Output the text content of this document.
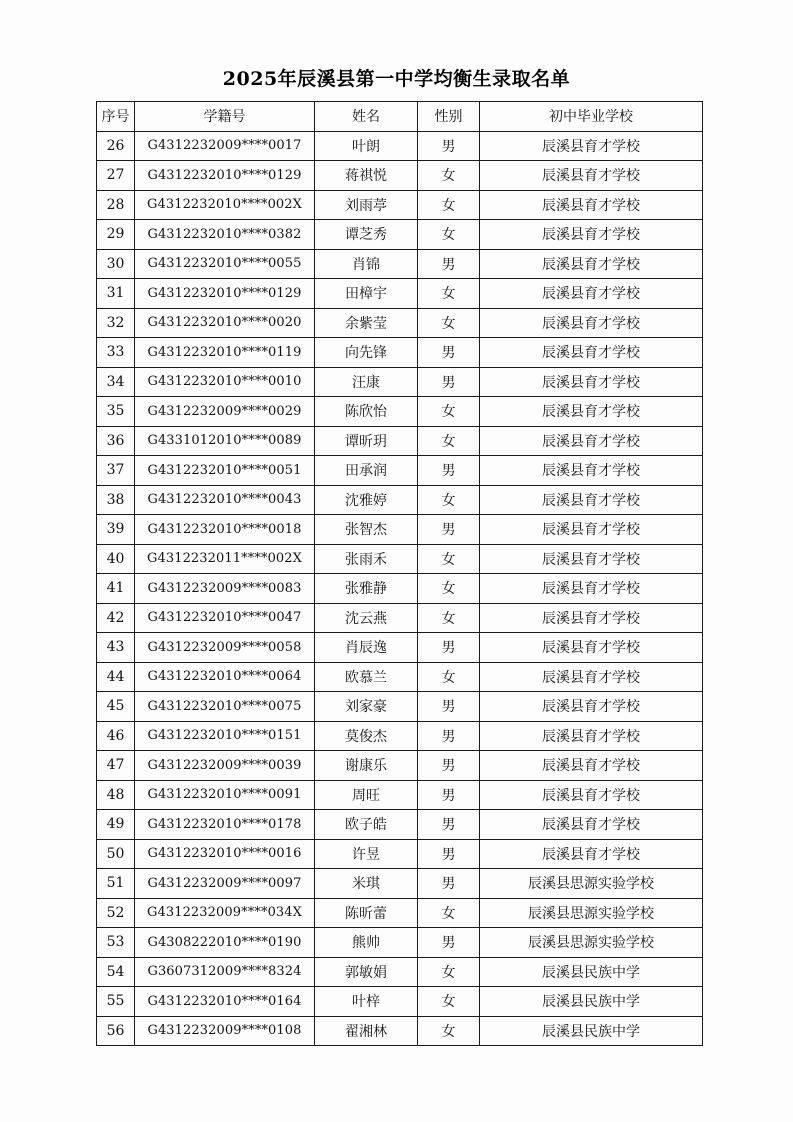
2025年辰溪县第一中学均衡生录取名单
序号	学籍号	姓名	性别	初中毕业学校
26	G4312232009****0017	叶朗	男	辰溪县育才学校
27	G4312232010****0129	蒋祺悦	女	辰溪县育才学校
28	G4312232010****002X	刘雨葶	女	辰溪县育才学校
29	G4312232010****0382	谭芝秀	女	辰溪县育才学校
30	G4312232010****0055	肖锦	男	辰溪县育才学校
31	G4312232010****0129	田樟宇	女	辰溪县育才学校
32	G4312232010****0020	余紫莹	女	辰溪县育才学校
33	G4312232010****0119	向先锋	男	辰溪县育才学校
34	G4312232010****0010	汪康	男	辰溪县育才学校
35	G4312232009****0029	陈欣怡	女	辰溪县育才学校
36	G4331012010****0089	谭昕玥	女	辰溪县育才学校
37	G4312232010****0051	田承润	男	辰溪县育才学校
38	G4312232010****0043	沈雅婷	女	辰溪县育才学校
39	G4312232010****0018	张智杰	男	辰溪县育才学校
40	G4312232011****002X	张雨禾	女	辰溪县育才学校
41	G4312232009****0083	张雅静	女	辰溪县育才学校
42	G4312232010****0047	沈云燕	女	辰溪县育才学校
43	G4312232009****0058	肖辰逸	男	辰溪县育才学校
44	G4312232010****0064	欧慕兰	女	辰溪县育才学校
45	G4312232010****0075	刘家豪	男	辰溪县育才学校
46	G4312232010****0151	莫俊杰	男	辰溪县育才学校
47	G4312232009****0039	谢康乐	男	辰溪县育才学校
48	G4312232010****0091	周旺	男	辰溪县育才学校
49	G4312232010****0178	欧子皓	男	辰溪县育才学校
50	G4312232010****0016	许昱	男	辰溪县育才学校
51	G4312232009****0097	米琪	男	辰溪县思源实验学校
52	G4312232009****034X	陈昕蕾	女	辰溪县思源实验学校
53	G4308222010****0190	熊帅	男	辰溪县思源实验学校
54	G3607312009****8324	郭敏娟	女	辰溪县民族中学
55	G4312232010****0164	叶梓	女	辰溪县民族中学
56	G4312232009****0108	翟湘林	女	辰溪县民族中学
